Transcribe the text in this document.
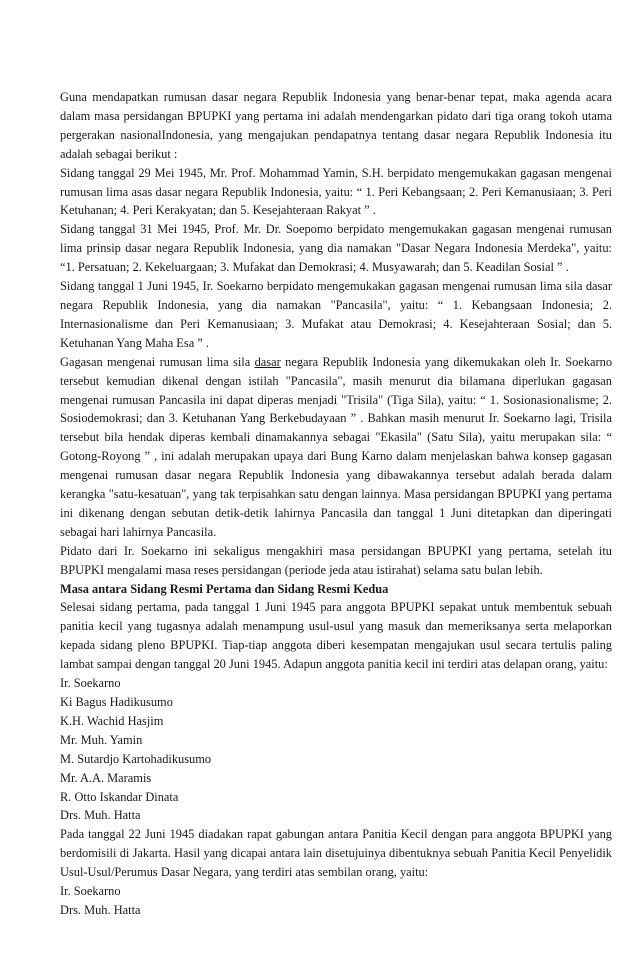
Guna mendapatkan rumusan dasar negara Republik Indonesia yang benar-benar tepat, maka agenda acara dalam masa persidangan BPUPKI yang pertama ini adalah mendengarkan pidato dari tiga orang tokoh utama pergerakan nasionalIndonesia, yang mengajukan pendapatnya tentang dasar negara Republik Indonesia itu adalah sebagai berikut :

Sidang tanggal 29 Mei 1945, Mr. Prof. Mohammad Yamin, S.H. berpidato mengemukakan gagasan mengenai rumusan lima asas dasar negara Republik Indonesia, yaitu: “ 1. Peri Kebangsaan; 2. Peri Kemanusiaan; 3. Peri Ketuhanan; 4. Peri Kerakyatan; dan 5. Kesejahteraan Rakyat ” .

Sidang tanggal 31 Mei 1945, Prof. Mr. Dr. Soepomo berpidato mengemukakan gagasan mengenai rumusan lima prinsip dasar negara Republik Indonesia, yang dia namakan "Dasar Negara Indonesia Merdeka", yaitu: “1. Persatuan; 2. Kekeluargaan; 3. Mufakat dan Demokrasi; 4. Musyawarah; dan 5. Keadilan Sosial ” .

Sidang tanggal 1 Juni 1945, Ir. Soekarno berpidato mengemukakan gagasan mengenai rumusan lima sila dasar negara Republik Indonesia, yang dia namakan "Pancasila", yaitu: “ 1. Kebangsaan Indonesia; 2. Internasionalisme dan Peri Kemanusiaan; 3. Mufakat atau Demokrasi; 4. Kesejahteraan Sosial; dan 5. Ketuhanan Yang Maha Esa ” .

Gagasan mengenai rumusan lima sila dasar negara Republik Indonesia yang dikemukakan oleh Ir. Soekarno tersebut kemudian dikenal dengan istilah "Pancasila", masih menurut dia bilamana diperlukan gagasan mengenai rumusan Pancasila ini dapat diperas menjadi "Trisila" (Tiga Sila), yaitu: “ 1. Sosionasionalisme; 2. Sosiodemokrasi; dan 3. Ketuhanan Yang Berkebudayaan ” . Bahkan masih menurut Ir. Soekarno lagi, Trisila tersebut bila hendak diperas kembali dinamakannya sebagai "Ekasila" (Satu Sila), yaitu merupakan sila: “ Gotong-Royong ” , ini adalah merupakan upaya dari Bung Karno dalam menjelaskan bahwa konsep gagasan mengenai rumusan dasar negara Republik Indonesia yang dibawakannya tersebut adalah berada dalam kerangka "satu-kesatuan", yang tak terpisahkan satu dengan lainnya. Masa persidangan BPUPKI yang pertama ini dikenang dengan sebutan detik-detik lahirnya Pancasila dan tanggal 1 Juni ditetapkan dan diperingati sebagai hari lahirnya Pancasila.

Pidato dari Ir. Soekarno ini sekaligus mengakhiri masa persidangan BPUPKI yang pertama, setelah itu BPUPKI mengalami masa reses persidangan (periode jeda atau istirahat) selama satu bulan lebih.

Masa antara Sidang Resmi Pertama dan Sidang Resmi Kedua

Selesai sidang pertama, pada tanggal 1 Juni 1945 para anggota BPUPKI sepakat untuk membentuk sebuah panitia kecil yang tugasnya adalah menampung usul-usul yang masuk dan memeriksanya serta melaporkan kepada sidang pleno BPUPKI. Tiap-tiap anggota diberi kesempatan mengajukan usul secara tertulis paling lambat sampai dengan tanggal 20 Juni 1945. Adapun anggota panitia kecil ini terdiri atas delapan orang, yaitu:

Ir. Soekarno
Ki Bagus Hadikusumo
K.H. Wachid Hasjim
Mr. Muh. Yamin
M. Sutardjo Kartohadikusumo
Mr. A.A. Maramis
R. Otto Iskandar Dinata
Drs. Muh. Hatta

Pada tanggal 22 Juni 1945 diadakan rapat gabungan antara Panitia Kecil dengan para anggota BPUPKI yang berdomisili di Jakarta. Hasil yang dicapai antara lain disetujuinya dibentuknya sebuah Panitia Kecil Penyelidik Usul-Usul/Perumus Dasar Negara, yang terdiri atas sembilan orang, yaitu:

Ir. Soekarno
Drs. Muh. Hatta
